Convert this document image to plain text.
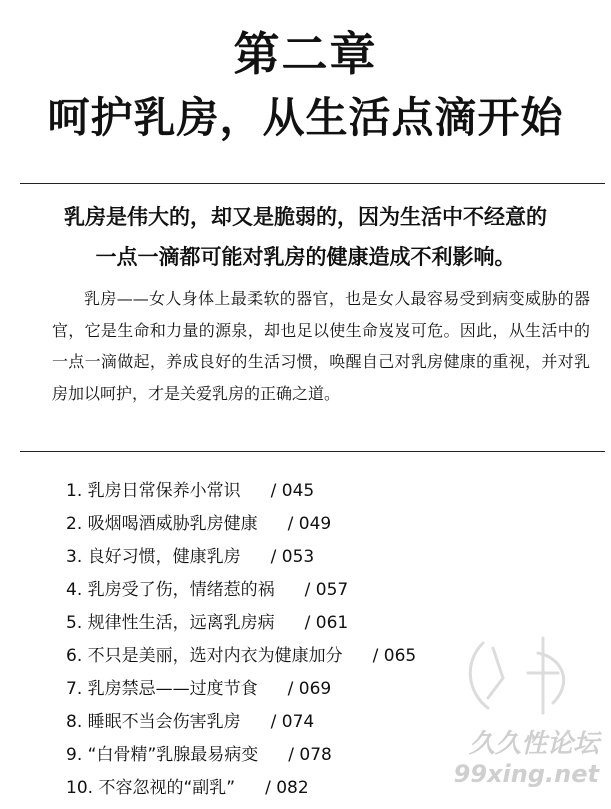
第二章
呵护乳房，从生活点滴开始
乳房是伟大的，却又是脆弱的，因为生活中不经意的
一点一滴都可能对乳房的健康造成不利影响。

乳房——女人身体上最柔软的器官，也是女人最容易受到病变威胁的器官，它是生命和力量的源泉，却也足以使生命岌岌可危。因此，从生活中的一点一滴做起，养成良好的生活习惯，唤醒自己对乳房健康的重视，并对乳房加以呵护，才是关爱乳房的正确之道。

1. 乳房日常保养小常识 / 045
2. 吸烟喝酒威胁乳房健康 / 049
3. 良好习惯，健康乳房 / 053
4. 乳房受了伤，情绪惹的祸 / 057
5. 规律性生活，远离乳房病 / 061
6. 不只是美丽，选对内衣为健康加分 / 065
7. 乳房禁忌——过度节食 / 069
8. 睡眠不当会伤害乳房 / 074
9. “白骨精”乳腺最易病变 / 078
10. 不容忽视的“副乳” / 082
久久性论坛
99xing.net
